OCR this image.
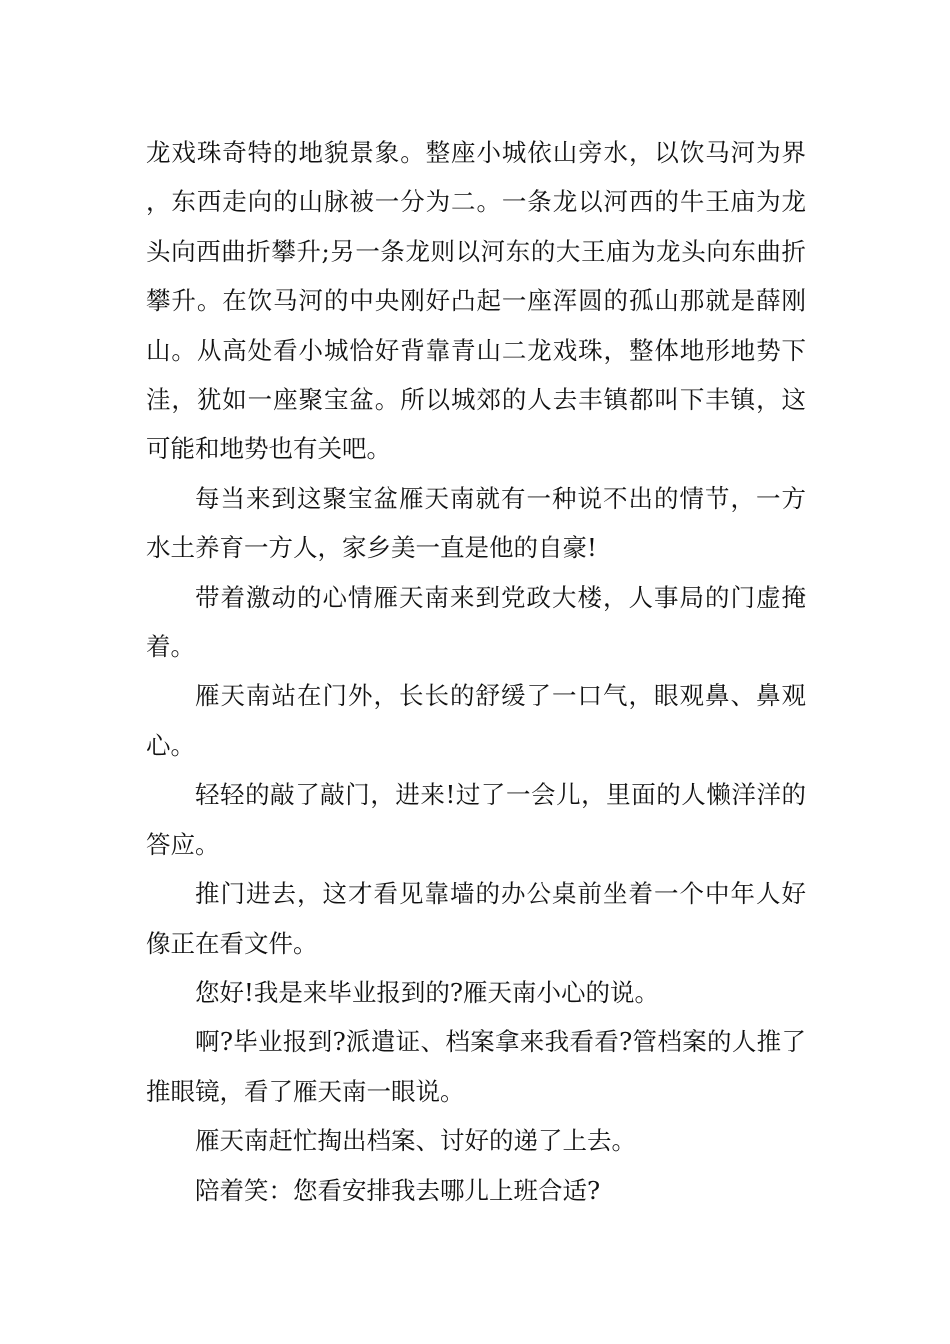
龙戏珠奇特的地貌景象。整座小城依山旁水，以饮马河为界，东西走向的山脉被一分为二。一条龙以河西的牛王庙为龙头向西曲折攀升;另一条龙则以河东的大王庙为龙头向东曲折攀升。在饮马河的中央刚好凸起一座浑圆的孤山那就是薛刚山。从高处看小城恰好背靠青山二龙戏珠，整体地形地势下洼，犹如一座聚宝盆。所以城郊的人去丰镇都叫下丰镇，这可能和地势也有关吧。

每当来到这聚宝盆雁天南就有一种说不出的情节，一方水土养育一方人，家乡美一直是他的自豪!

带着激动的心情雁天南来到党政大楼，人事局的门虚掩着。

雁天南站在门外，长长的舒缓了一口气，眼观鼻、鼻观心。

轻轻的敲了敲门，进来!过了一会儿，里面的人懒洋洋的答应。

推门进去，这才看见靠墙的办公桌前坐着一个中年人好像正在看文件。

您好!我是来毕业报到的?雁天南小心的说。

啊?毕业报到?派遣证、档案拿来我看看?管档案的人推了推眼镜，看了雁天南一眼说。

雁天南赶忙掏出档案、讨好的递了上去。

陪着笑：您看安排我去哪儿上班合适?
